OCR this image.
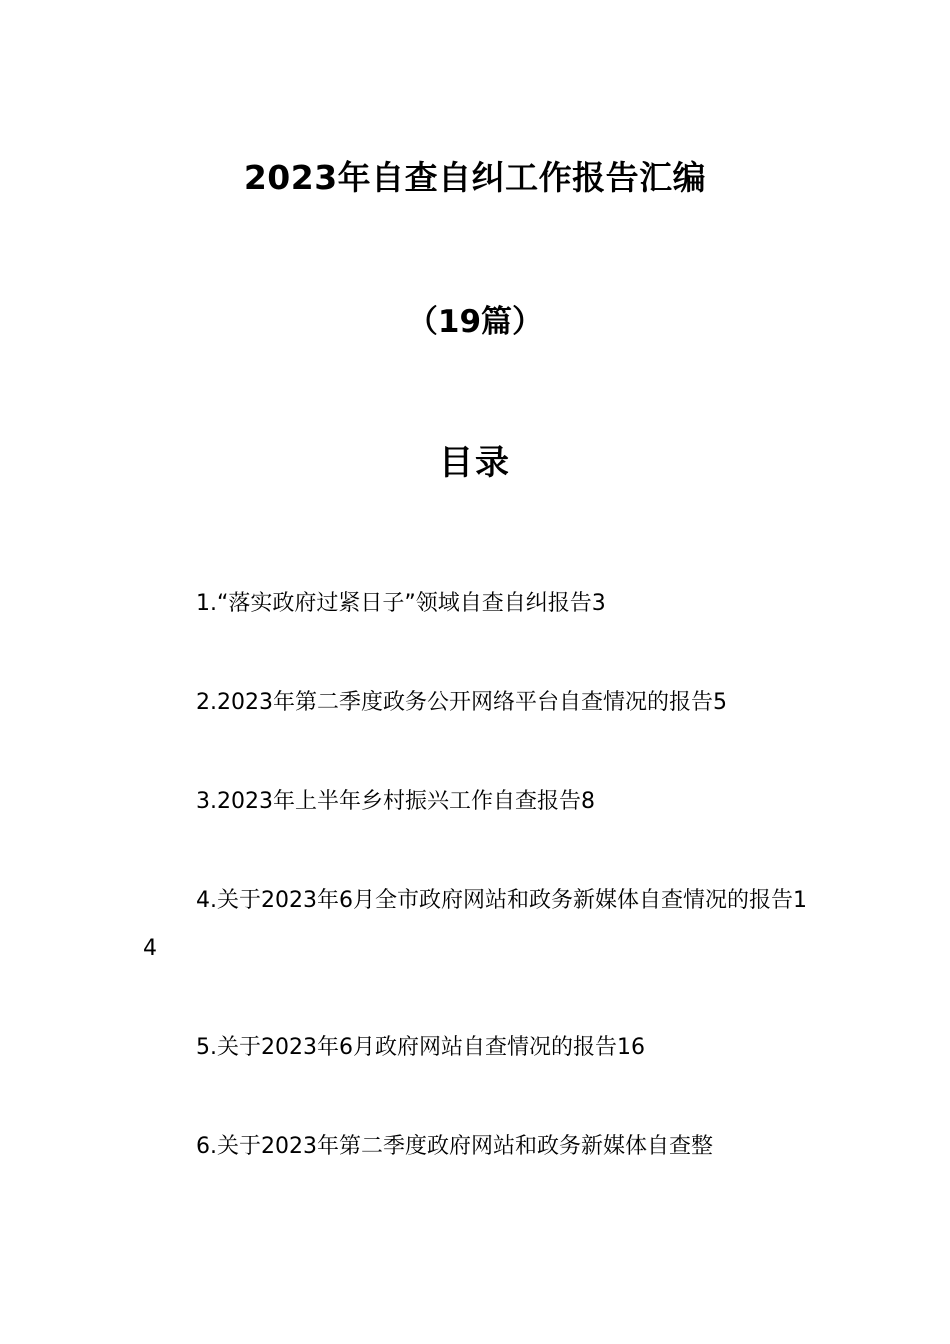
2023年自查自纠工作报告汇编
（19篇）
目录

1.“落实政府过紧日子”领域自查自纠报告3

2.2023年第二季度政务公开网络平台自查情况的报告5

3.2023年上半年乡村振兴工作自查报告8

4.关于2023年6月全市政府网站和政务新媒体自查情况的报告14

5.关于2023年6月政府网站自查情况的报告16

6.关于2023年第二季度政府网站和政务新媒体自查整
